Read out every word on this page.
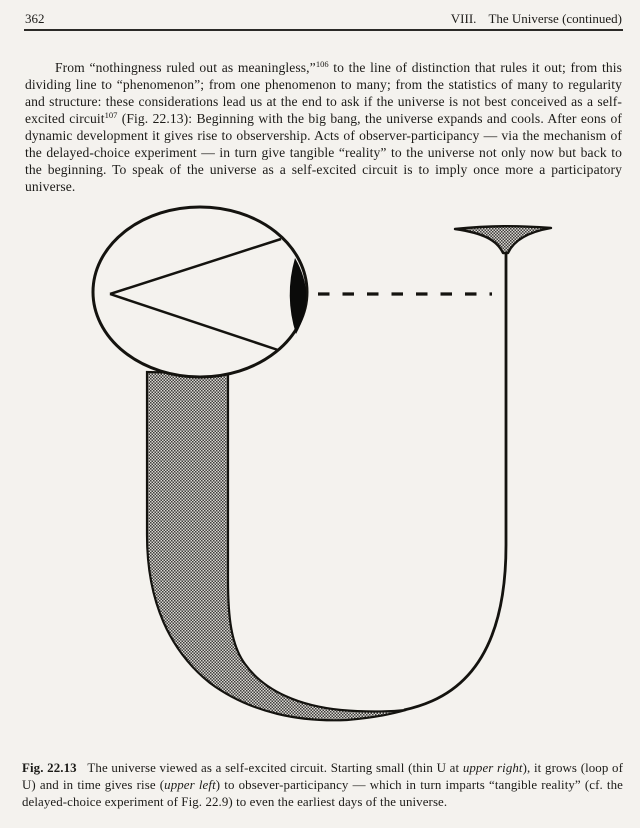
362	VIII. The Universe (continued)

From “nothingness ruled out as meaningless,”$^{106}$ to the line of distinction that rules it out; from this dividing line to “phenomenon”; from one phenomenon to many; from the statistics of many to regularity and structure: these considerations lead us at the end to ask if the universe is not best conceived as a self-excited circuit$^{107}$ (Fig. 22.13): Beginning with the big bang, the universe expands and cools. After eons of dynamic development it gives rise to observership. Acts of observer-participancy — via the mechanism of the delayed-choice experiment — in turn give tangible “reality” to the universe not only now but back to the beginning. To speak of the universe as a self-excited circuit is to imply once more a participatory universe.

Fig. 22.13   The universe viewed as a self-excited circuit. Starting small (thin U at upper right), it grows (loop of U) and in time gives rise (upper left) to obsever-participancy — which in turn imparts “tangible reality” (cf. the delayed-choice experiment of Fig. 22.9) to even the earliest days of the universe.
